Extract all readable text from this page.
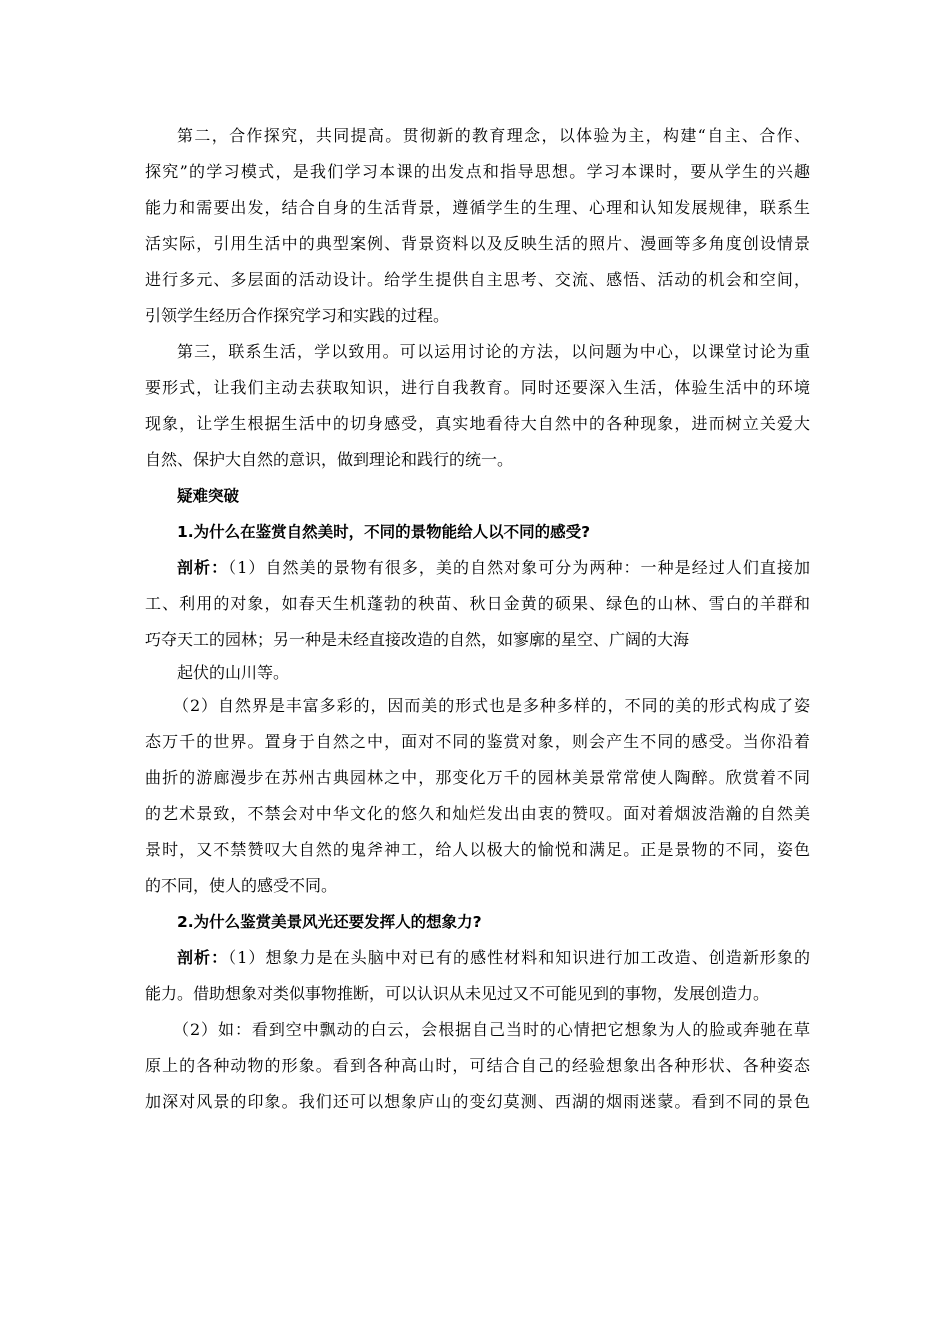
第二，合作探究，共同提高。贯彻新的教育理念，以体验为主，构建“自主、合作、
探究”的学习模式，是我们学习本课的出发点和指导思想。学习本课时，要从学生的兴趣
能力和需要出发，结合自身的生活背景，遵循学生的生理、心理和认知发展规律，联系生
活实际，引用生活中的典型案例、背景资料以及反映生活的照片、漫画等多角度创设情景
进行多元、多层面的活动设计。给学生提供自主思考、交流、感悟、活动的机会和空间，
引领学生经历合作探究学习和实践的过程。
第三，联系生活，学以致用。可以运用讨论的方法，以问题为中心，以课堂讨论为重
要形式，让我们主动去获取知识，进行自我教育。同时还要深入生活，体验生活中的环境
现象，让学生根据生活中的切身感受，真实地看待大自然中的各种现象，进而树立关爱大
自然、保护大自然的意识，做到理论和践行的统一。
疑难突破
1.为什么在鉴赏自然美时，不同的景物能给人以不同的感受?
剖析：（1）自然美的景物有很多，美的自然对象可分为两种：一种是经过人们直接加
工、利用的对象，如春天生机蓬勃的秧苗、秋日金黄的硕果、绿色的山林、雪白的羊群和
巧夺天工的园林；另一种是未经直接改造的自然，如寥廓的星空、广阔的大海
起伏的山川等。
（2）自然界是丰富多彩的，因而美的形式也是多种多样的，不同的美的形式构成了姿
态万千的世界。置身于自然之中，面对不同的鉴赏对象，则会产生不同的感受。当你沿着
曲折的游廊漫步在苏州古典园林之中，那变化万千的园林美景常常使人陶醉。欣赏着不同
的艺术景致，不禁会对中华文化的悠久和灿烂发出由衷的赞叹。面对着烟波浩瀚的自然美
景时，又不禁赞叹大自然的鬼斧神工，给人以极大的愉悦和满足。正是景物的不同，姿色
的不同，使人的感受不同。
2.为什么鉴赏美景风光还要发挥人的想象力?
剖析：（1）想象力是在头脑中对已有的感性材料和知识进行加工改造、创造新形象的
能力。借助想象对类似事物推断，可以认识从未见过又不可能见到的事物，发展创造力。
（2）如：看到空中飘动的白云，会根据自己当时的心情把它想象为人的脸或奔驰在草
原上的各种动物的形象。看到各种高山时，可结合自己的经验想象出各种形状、各种姿态
加深对风景的印象。我们还可以想象庐山的变幻莫测、西湖的烟雨迷蒙。看到不同的景色
